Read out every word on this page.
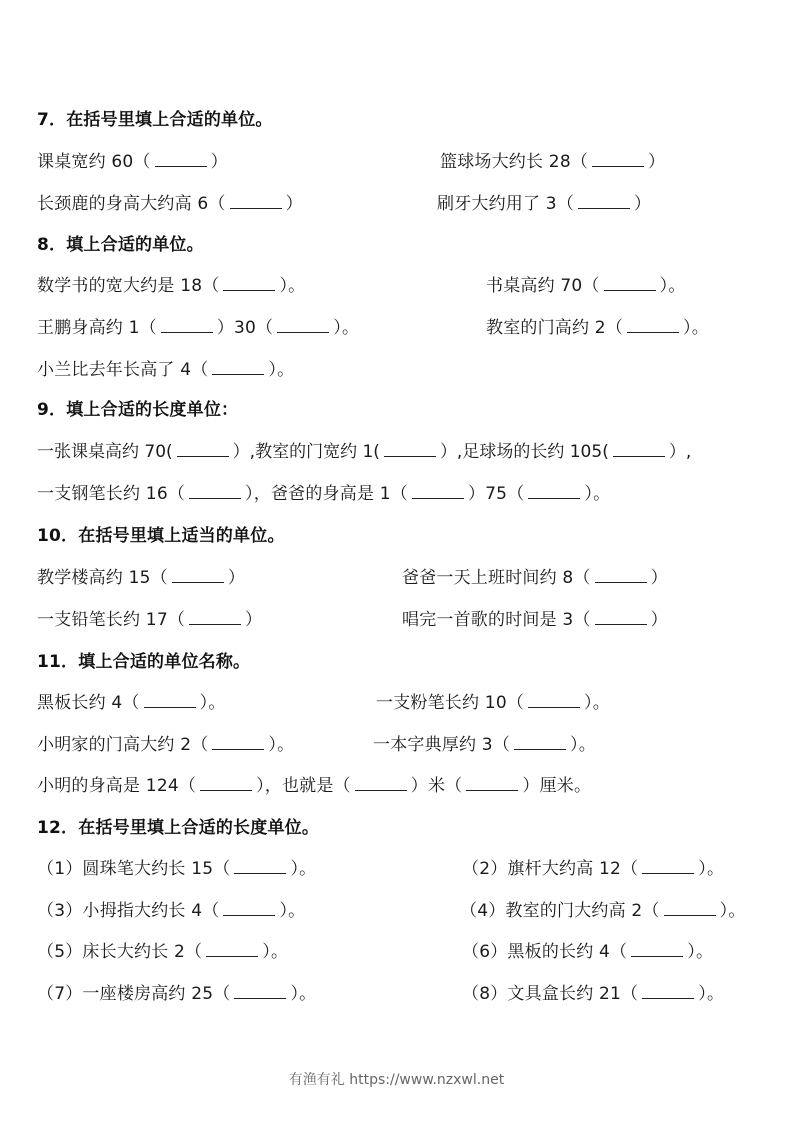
7．在括号里填上合适的单位。
课桌宽约 60（	）	篮球场大约长 28（	）
长颈鹿的身高大约高 6（	）	刷牙大约用了 3（	）
8．填上合适的单位。
数学书的宽大约是 18（	）。	书桌高约 70（	）。
王鹏身高约 1（	）30（	）。	教室的门高约 2（	）。
小兰比去年长高了 4（	）。
9．填上合适的长度单位：
一张课桌高约 70(	）,教室的门宽约 1(	）,足球场的长约 105(	）,
一支钢笔长约 16（	），爸爸的身高是 1（	）75（	）。
10．在括号里填上适当的单位。
教学楼高约 15（	）	爸爸一天上班时间约 8（	）
一支铅笔长约 17（	）	唱完一首歌的时间是 3（	）
11．填上合适的单位名称。
黑板长约 4（	）。	一支粉笔长约 10（	）。
小明家的门高大约 2（	）。	一本字典厚约 3（	）。
小明的身高是 124（	），也就是（	）米（	）厘米。
12．在括号里填上合适的长度单位。
（1）圆珠笔大约长 15（	）。	（2）旗杆大约高 12（	）。
（3）小拇指大约长 4（	）。	（4）教室的门大约高 2（	）。
（5）床长大约长 2（	）。	（6）黑板的长约 4（	）。
（7）一座楼房高约 25（	）。	（8）文具盒长约 21（	）。
有渔有礼 https://www.nzxwl.net
